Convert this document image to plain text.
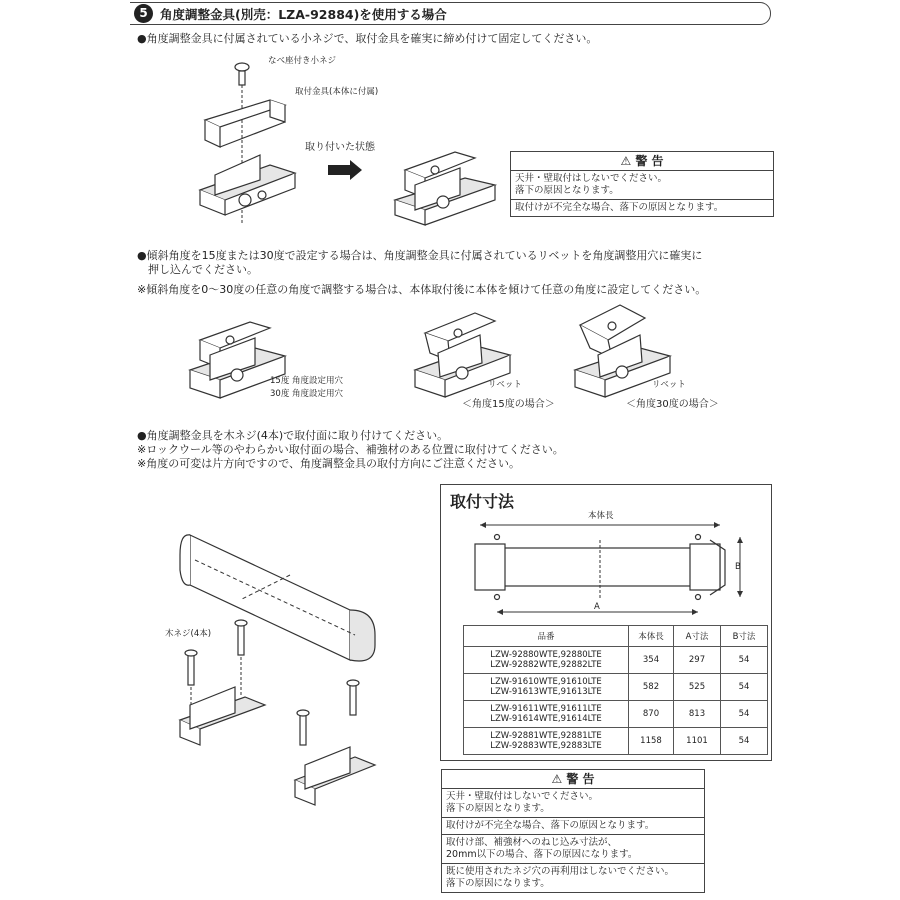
5 角度調整金具(別売：LZA-92884)を使用する場合
●角度調整金具に付属されている小ネジで、取付金具を確実に締め付けて固定してください。
なべ座付き小ネジ
取付金具(本体に付属)
取り付いた状態
⚠ 警 告
天井・壁取付はしないでください。
落下の原因となります。
取付けが不完全な場合、落下の原因となります。
●傾斜角度を15度または30度で設定する場合は、角度調整金具に付属されているリベットを角度調整用穴に確実に
押し込んでください。
※傾斜角度を0〜30度の任意の角度で調整する場合は、本体取付後に本体を傾けて任意の角度に設定してください。
15度 角度設定用穴
30度 角度設定用穴
リベット
＜角度15度の場合＞
リベット
＜角度30度の場合＞
●角度調整金具を木ネジ(4本)で取付面に取り付けてください。
※ロックウール等のやわらかい取付面の場合、補強材のある位置に取付けてください。
※角度の可変は片方向ですので、角度調整金具の取付方向にご注意ください。
木ネジ(4本)
取付寸法
本体長
B
A
品番	本体長	A寸法	B寸法

LZW-92880WTE,92880LTE
LZW-92882WTE,92882LTE	354	297	54

LZW-91610WTE,91610LTE
LZW-91613WTE,91613LTE	582	525	54

LZW-91611WTE,91611LTE
LZW-91614WTE,91614LTE	870	813	54

LZW-92881WTE,92881LTE
LZW-92883WTE,92883LTE	1158	1101	54
⚠ 警 告
天井・壁取付はしないでください。
落下の原因となります。
取付けが不完全な場合、落下の原因となります。
取付け部、補強材へのねじ込み寸法が、
20mm以下の場合、落下の原因になります。
既に使用されたネジ穴の再利用はしないでください。
落下の原因になります。
